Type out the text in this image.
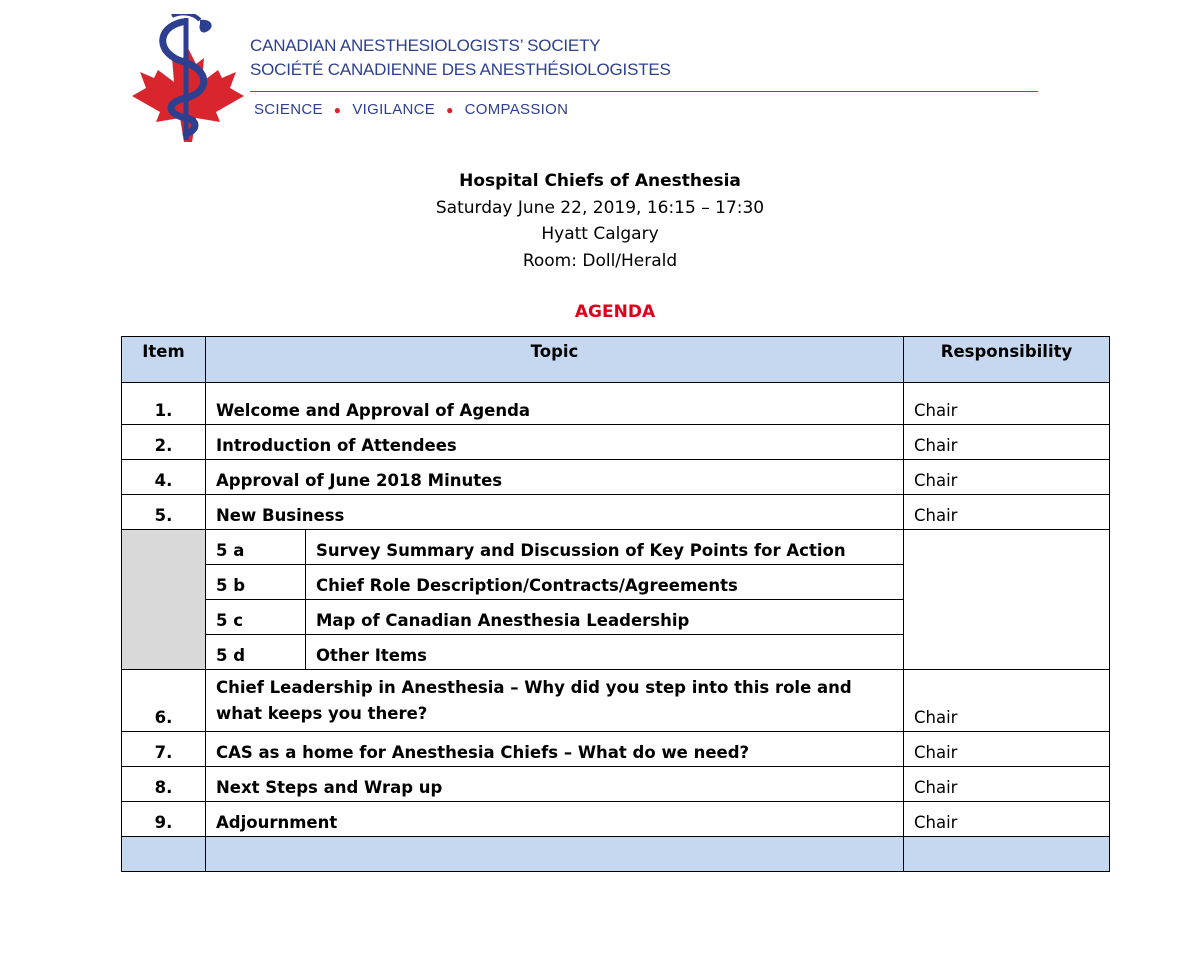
CANADIAN ANESTHESIOLOGISTS’ SOCIETY
SOCIÉTÉ CANADIENNE DES ANESTHÉSIOLOGISTES
SCIENCE ● VIGILANCE ● COMPASSION
Hospital Chiefs of Anesthesia
Saturday June 22, 2019, 16:15 – 17:30
Hyatt Calgary
Room: Doll/Herald
AGENDA
Item	Topic		Responsibility
1.	Welcome and Approval of Agenda		Chair
2.	Introduction of Attendees		Chair
4.	Approval of June 2018 Minutes		Chair
5.	New Business		Chair
	5 a	Survey Summary and Discussion of Key Points for Action	
	5 b	Chief Role Description/Contracts/Agreements	
	5 c	Map of Canadian Anesthesia Leadership	
	5 d	Other Items	
6.	Chief Leadership in Anesthesia – Why did you step into this role and what keeps you there?		Chair
7.	CAS as a home for Anesthesia Chiefs – What do we need?		Chair
8.	Next Steps and Wrap up		Chair
9.	Adjournment		Chair
